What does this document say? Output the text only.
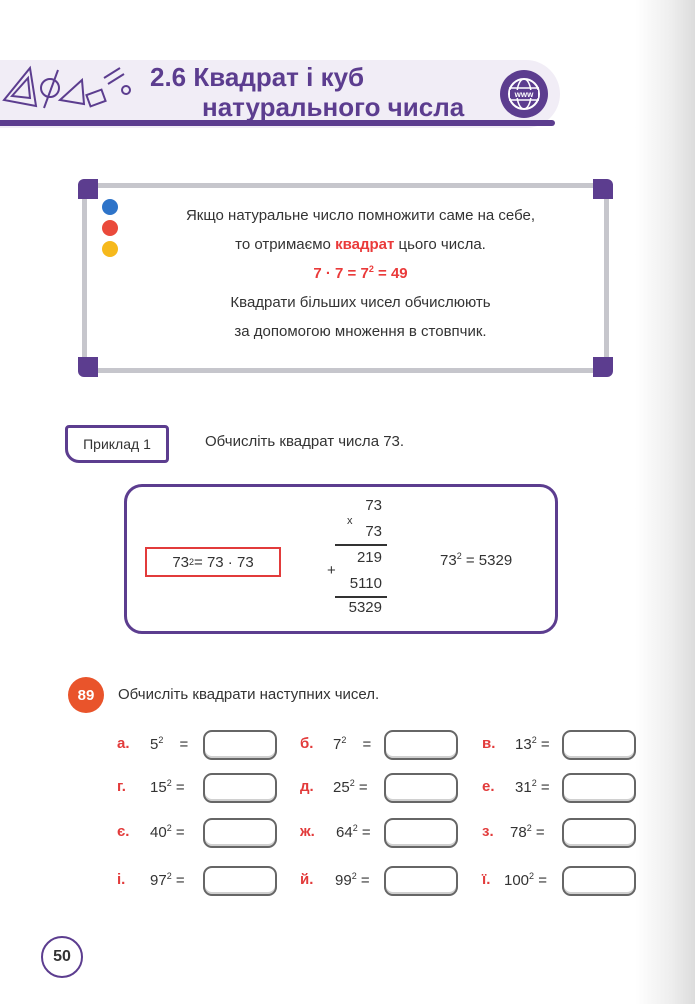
2.6 Квадрат і куб
натурального числа	www
Якщо натуральне число помножити саме на себе,
то отримаємо квадрат цього числа.
$7 \cdot 7 = 7^2 = 49$
Квадрати більших чисел обчислюють
за допомогою множення в стовпчик.
Приклад 1	Обчисліть квадрат числа 73.
73 2 = 73 · 73
x
73
73
219
+
5110
5329
$73^2 = 5329$
89	Обчисліть квадрати наступних чисел.
а. $5^2$ =	б. $7^2$ =	в. $13^2$ =
г. $15^2$ =	д. $25^2$ =	е. $31^2$ =
є. $40^2$ =	ж. $64^2$ =	з. $78^2$ =
і. $97^2$ =	й. $99^2$ =	ї. $100^2$ =
50
